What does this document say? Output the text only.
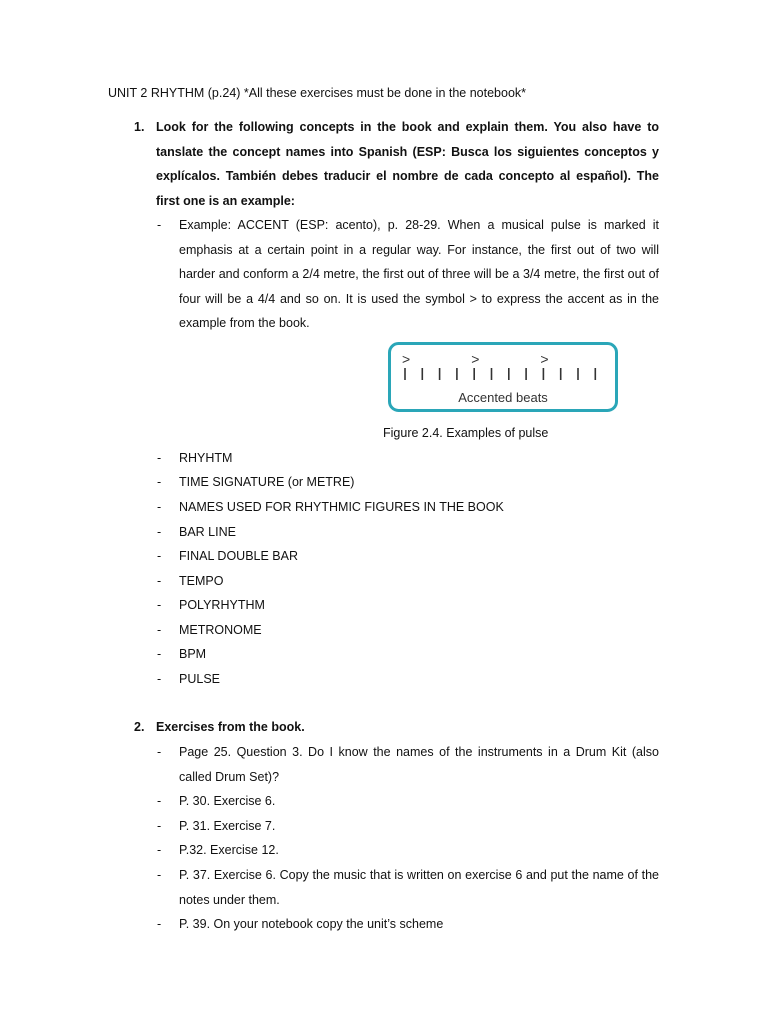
UNIT 2 RHYTHM (p.24) *All these exercises must be done in the notebook*
1. Look for the following concepts in the book and explain them. You also have to tanslate the concept names into Spanish (ESP: Busca los siguientes conceptos y explícalos. También debes traducir el nombre de cada concepto al español). The first one is an example:
- Example: ACCENT (ESP: acento), p. 28-29. When a musical pulse is marked it emphasis at a certain point in a regular way. For instance, the first out of two will harder and conform a 2/4 metre, the first out of three will be a 3/4 metre, the first out of four will be a 4/4 and so on. It is used the symbol > to express the accent as in the example from the book.
>	>	>
Accented beats
Figure 2.4. Examples of pulse
- RHYHTM
- TIME SIGNATURE (or METRE)
- NAMES USED FOR RHYTHMIC FIGURES IN THE BOOK
- BAR LINE
- FINAL DOUBLE BAR
- TEMPO
- POLYRHYTHM
- METRONOME
- BPM
- PULSE
2. Exercises from the book.
- Page 25. Question 3. Do I know the names of the instruments in a Drum Kit (also called Drum Set)?
- P. 30. Exercise 6.
- P. 31. Exercise 7.
- P.32. Exercise 12.
- P. 37. Exercise 6. Copy the music that is written on exercise 6 and put the name of the notes under them.
- P. 39. On your notebook copy the unit’s scheme
